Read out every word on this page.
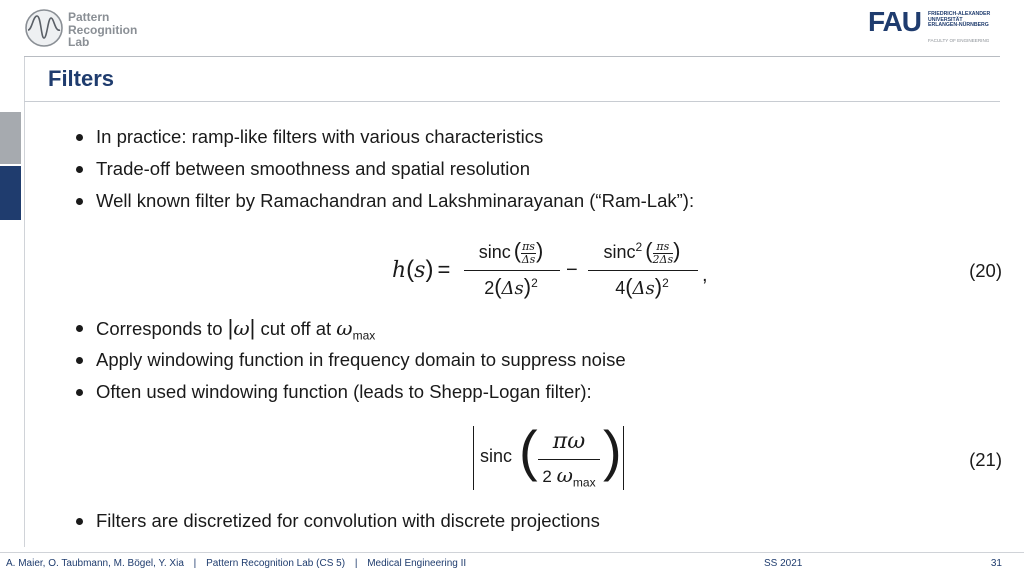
Pattern
Recognition
Lab
FAU FRIEDRICH-ALEXANDER
UNIVERSITÄT
ERLANGEN-NÜRNBERG
FACULTY OF ENGINEERING
Filters
In practice: ramp-like filters with various characteristics
Trade-off between smoothness and spatial resolution
Well known filter by Ramachandran and Lakshminarayanan (“Ram-Lak”):
h(s) =
sinc ( $\frac{\pi s}{\Delta s}$ )
$2(\Delta s)^2$
−
sinc$^2$ ( $\frac{\pi s}{2\Delta s}$ )
$4(\Delta s)^2$	,	(20)
Corresponds to |ω| cut off at $\omega_{max}$
Apply windowing function in frequency domain to suppress noise
Often used windowing function (leads to Shepp-Logan filter):
sinc ( πω
2 $\omega_{max}$
)	(21)
Filters are discretized for convolution with discrete projections
A. Maier, O. Taubmann, M. Bögel, Y. Xia | Pattern Recognition Lab (CS 5) | Medical Engineering II	SS 2021	31
